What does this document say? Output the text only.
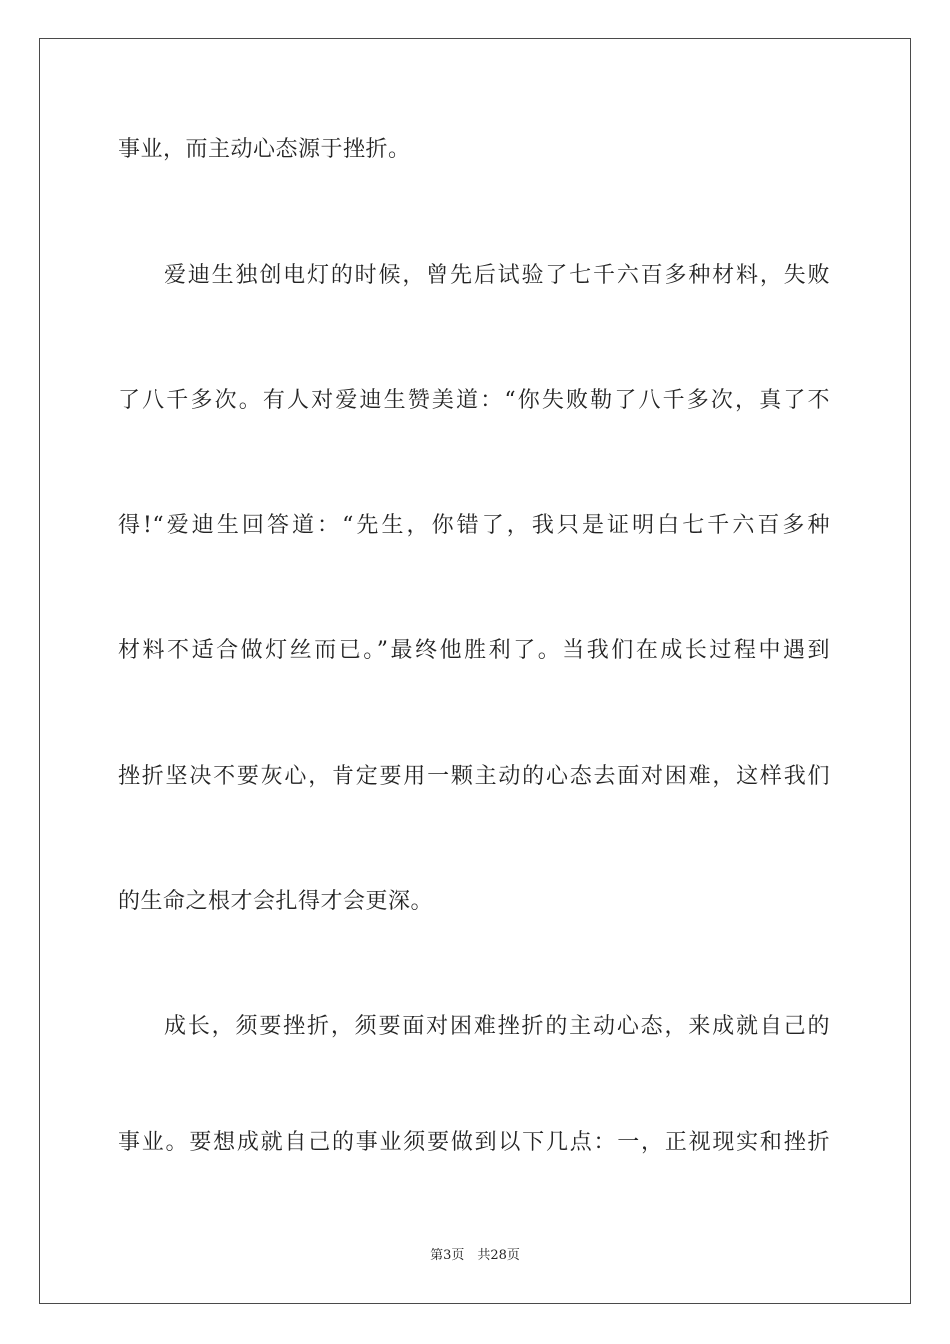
事业，而主动心态源于挫折。
爱迪生独创电灯的时候，曾先后试验了七千六百多种材料，失败
了八千多次。有人对爱迪生赞美道：“你失败勒了八千多次，真了不
得!“爱迪生回答道：“先生，你错了，我只是证明白七千六百多种
材料不适合做灯丝而已。”最终他胜利了。当我们在成长过程中遇到
挫折坚决不要灰心，肯定要用一颗主动的心态去面对困难，这样我们
的生命之根才会扎得才会更深。
成长，须要挫折，须要面对困难挫折的主动心态，来成就自己的
事业。要想成就自己的事业须要做到以下几点：一，正视现实和挫折
第3页　共28页
